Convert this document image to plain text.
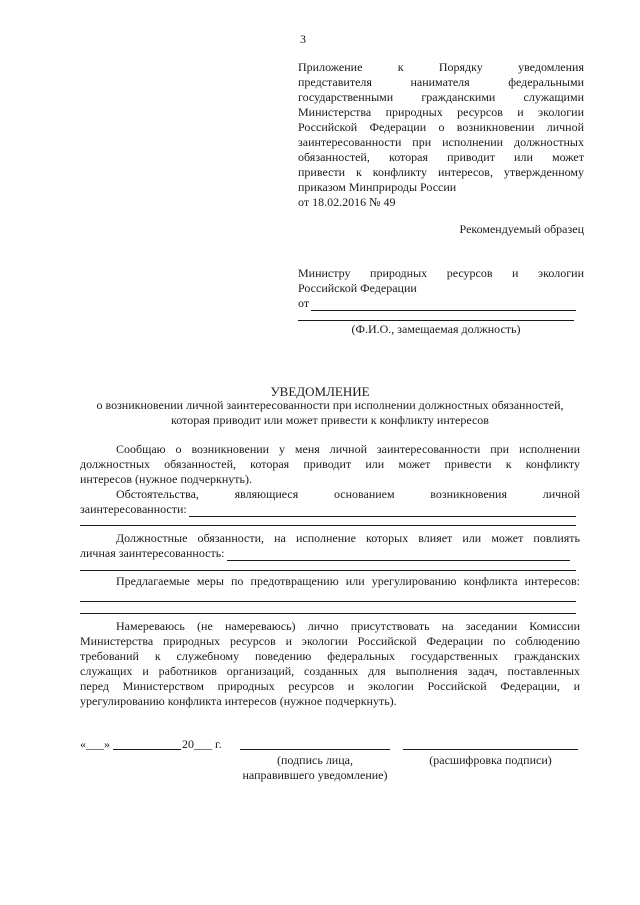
3
Приложение к Порядку уведомления
представителя нанимателя федеральными
государственными гражданскими служащими
Министерства природных ресурсов и экологии
Российской Федерации о возникновении личной
заинтересованности при исполнении должностных
обязанностей, которая приводит или может
привести к конфликту интересов, утвержденному
приказом Минприроды России
от 18.02.2016 № 49
Рекомендуемый образец
Министру природных ресурсов и экологии
Российской Федерации
от
(Ф.И.О., замещаемая должность)
УВЕДОМЛЕНИЕ
о возникновении личной заинтересованности при исполнении должностных обязанностей,
которая приводит или может привести к конфликту интересов
Сообщаю о возникновении у меня личной заинтересованности при исполнении
должностных обязанностей, которая приводит или может привести к конфликту
интересов (нужное подчеркнуть).
Обстоятельства, являющиеся основанием возникновения личной
заинтересованности:
Должностные обязанности, на исполнение которых влияет или может повлиять
личная заинтересованность:
Предлагаемые меры по предотвращению или урегулированию конфликта интересов:
Намереваюсь (не намереваюсь) лично присутствовать на заседании Комиссии
Министерства природных ресурсов и экологии Российской Федерации по соблюдению
требований к служебному поведению федеральных государственных гражданских
служащих и работников организаций, созданных для выполнения задач, поставленных
перед Министерством природных ресурсов и экологии Российской Федерации, и
урегулированию конфликта интересов (нужное подчеркнуть).
«___»	20___ г.
(подпись лица,
направившего уведомление)
(расшифровка подписи)
